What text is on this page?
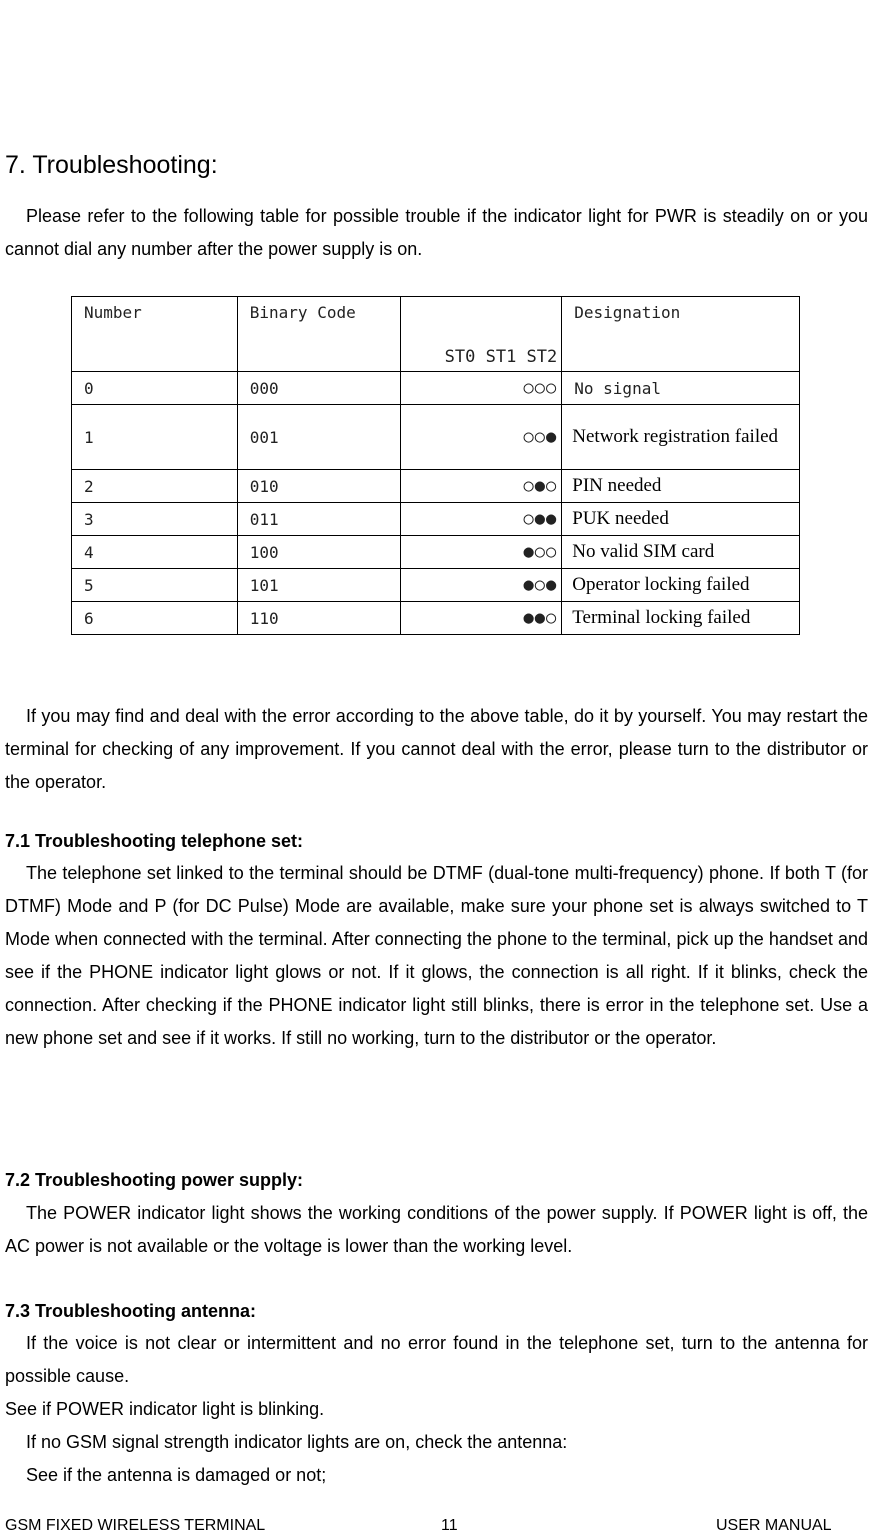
7. Troubleshooting:
Please refer to the following table for possible trouble if the indicator light for PWR is steadily on or you cannot dial any number after the power supply is on.
Number	Binary Code	ST0 ST1 ST2	Designation
0	000	○○○	No signal
1	001	○○●	Network registration failed
2	010	○●○	PIN needed
3	011	○●●	PUK needed
4	100	●○○	No valid SIM card
5	101	●○●	Operator locking failed
6	110	●●○	Terminal locking failed
If you may find and deal with the error according to the above table, do it by yourself. You may restart the terminal for checking of any improvement. If you cannot deal with the error, please turn to the distributor or the operator.
7.1 Troubleshooting telephone set:
The telephone set linked to the terminal should be DTMF (dual-tone multi-frequency) phone. If both T (for DTMF) Mode and P (for DC Pulse) Mode are available, make sure your phone set is always switched to T Mode when connected with the terminal. After connecting the phone to the terminal, pick up the handset and see if the PHONE indicator light glows or not. If it glows, the connection is all right. If it blinks, check the connection. After checking if the PHONE indicator light still blinks, there is error in the telephone set. Use a new phone set and see if it works. If still no working, turn to the distributor or the operator.
7.2 Troubleshooting power supply:
The POWER indicator light shows the working conditions of the power supply. If POWER light is off, the AC power is not available or the voltage is lower than the working level.
7.3 Troubleshooting antenna:
If the voice is not clear or intermittent and no error found in the telephone set, turn to the antenna for possible cause.
See if POWER indicator light is blinking.
If no GSM signal strength indicator lights are on, check the antenna:
See if the antenna is damaged or not;
GSM FIXED WIRELESS TERMINAL	11	USER MANUAL
